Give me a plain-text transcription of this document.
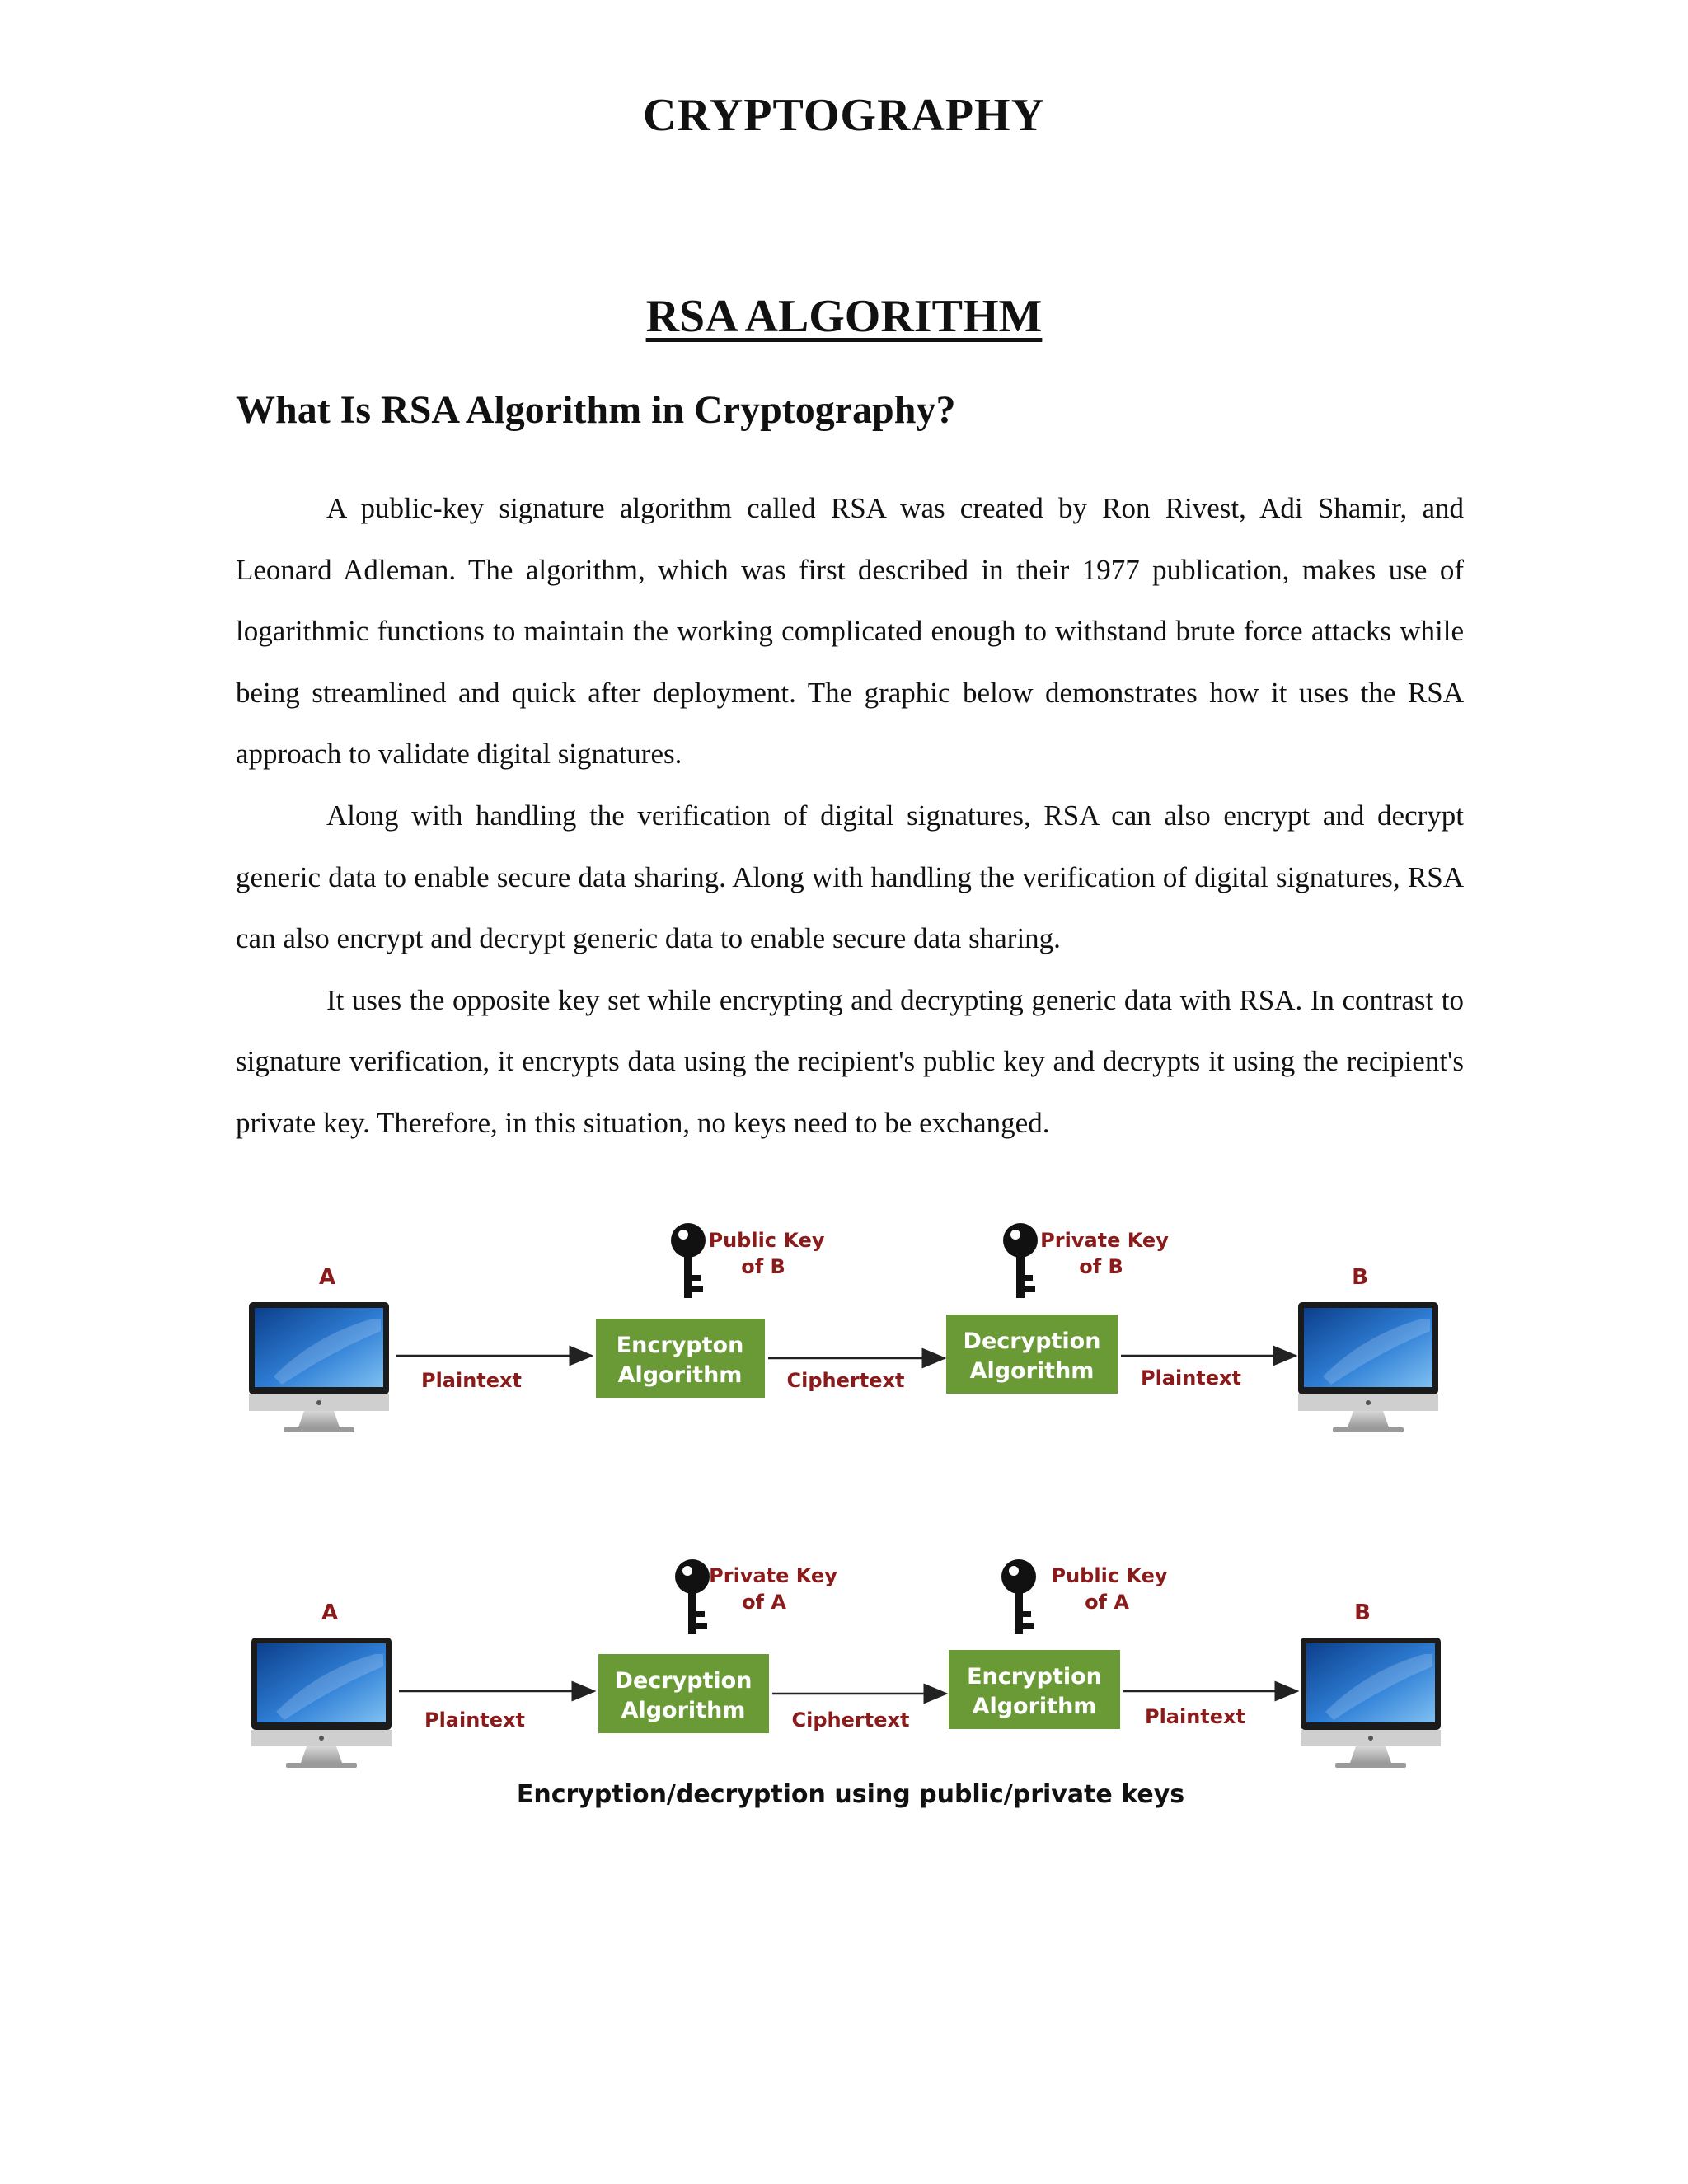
CRYPTOGRAPHY
RSA ALGORITHM
What Is RSA Algorithm in Cryptography?

A public-key signature algorithm called RSA was created by Ron Rivest, Adi Shamir, and Leonard Adleman. The algorithm, which was first described in their 1977 publication, makes use of logarithmic functions to maintain the working complicated enough to withstand brute force attacks while being streamlined and quick after deployment. The graphic below demonstrates how it uses the RSA approach to validate digital signatures.

Along with handling the verification of digital signatures, RSA can also encrypt and decrypt generic data to enable secure data sharing. Along with handling the verification of digital signatures, RSA can also encrypt and decrypt generic data to enable secure data sharing.

It uses the opposite key set while encrypting and decrypting generic data with RSA. In contrast to signature verification, it encrypts data using the recipient's public key and decrypts it using the recipient's private key. Therefore, in this situation, no keys need to be exchanged.

A
Plaintext
Public Key
of B
Encrypton
Algorithm Ciphertext
Private Key
of B
Decryption
Algorithm Plaintext
B
A
Plaintext
Private Key
of A
Decryption
Algorithm Ciphertext
Public Key
of A
Encryption
Algorithm Plaintext
B
Encryption/decryption using public/private keys
